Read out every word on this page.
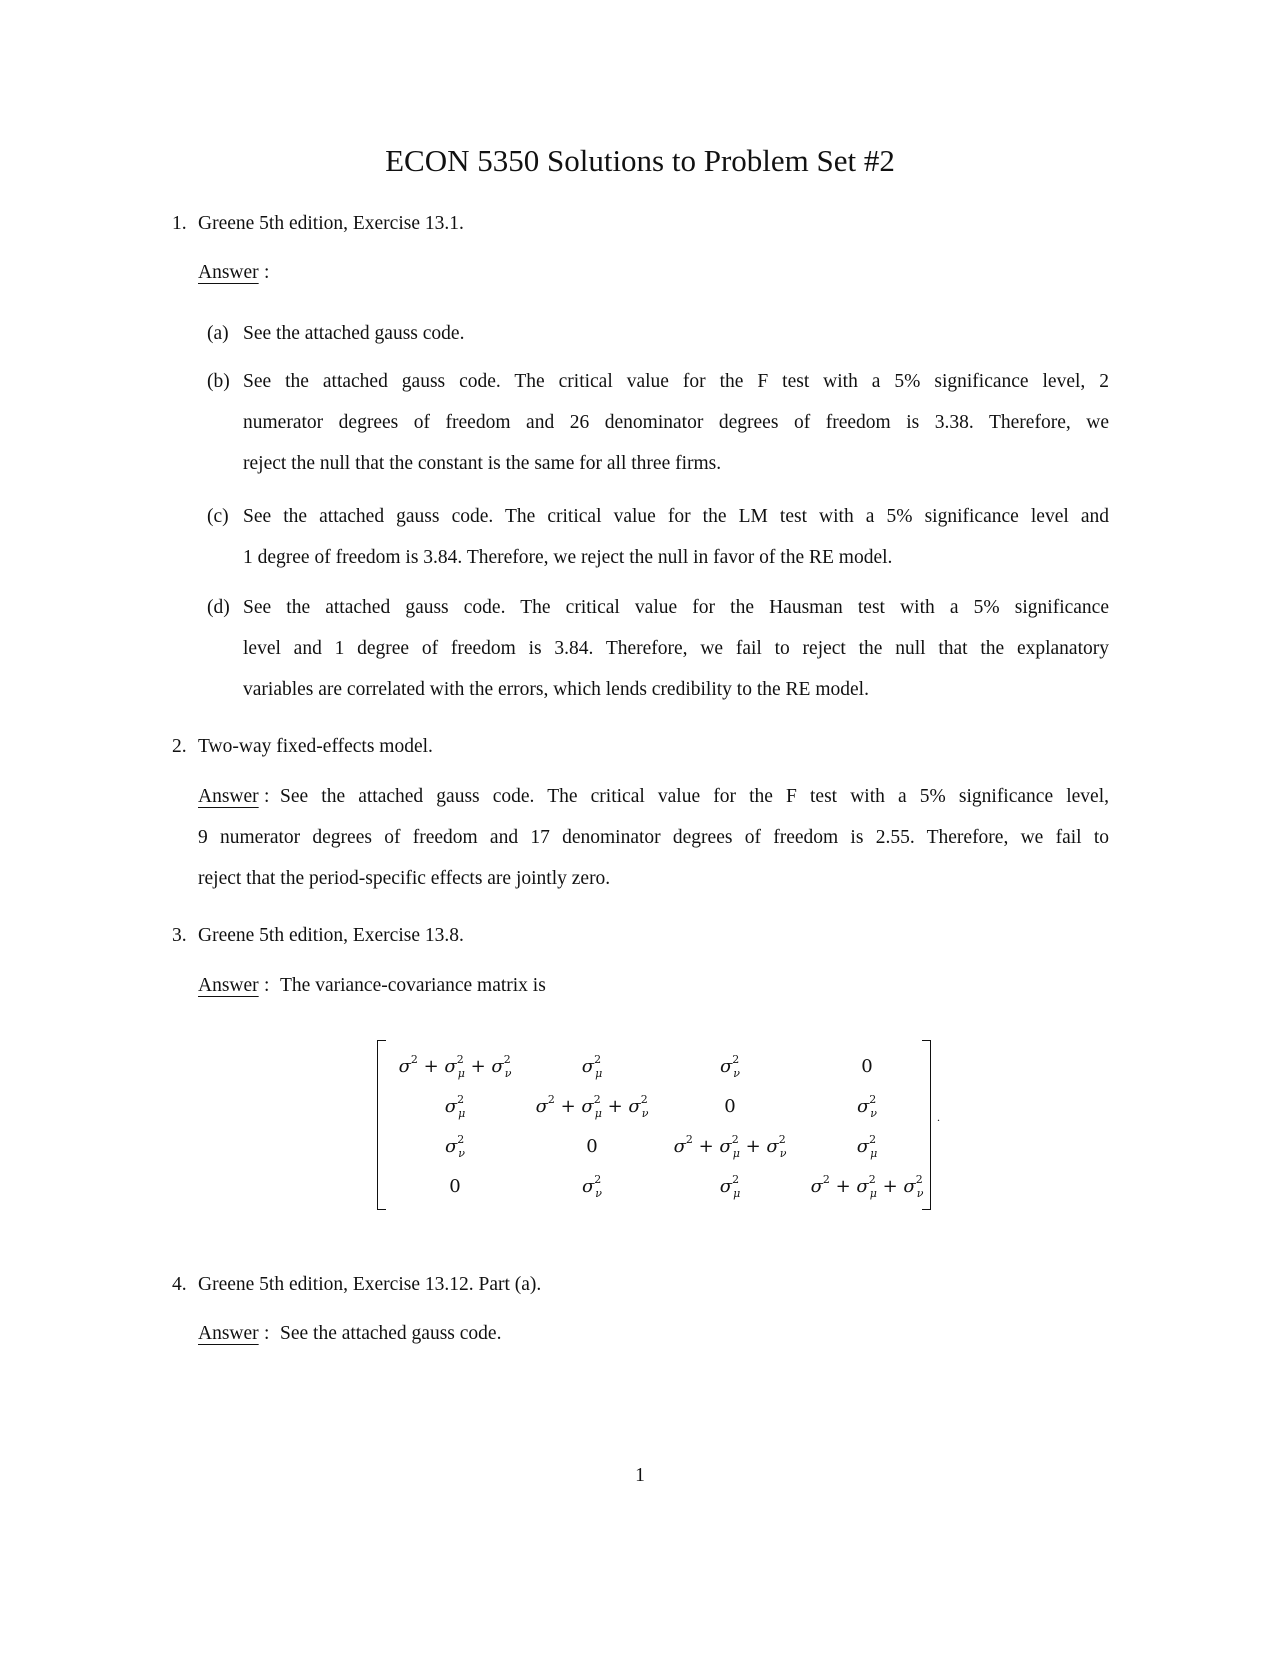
ECON 5350 Solutions to Problem Set #2
1. Greene 5th edition, Exercise 13.1.
Answer :
(a) See the attached gauss code.
(b) See the attached gauss code. The critical value for the F test with a 5% significance level, 2
numerator degrees of freedom and 26 denominator degrees of freedom is 3.38. Therefore, we
reject the null that the constant is the same for all three firms.
(c) See the attached gauss code. The critical value for the LM test with a 5% significance level and
1 degree of freedom is 3.84. Therefore, we reject the null in favor of the RE model.
(d) See the attached gauss code. The critical value for the Hausman test with a 5% significance
level and 1 degree of freedom is 3.84. Therefore, we fail to reject the null that the explanatory
variables are correlated with the errors, which lends credibility to the RE model.
2. Two-way fixed-effects model.
Answer : See the attached gauss code. The critical value for the F test with a 5% significance level,
9 numerator degrees of freedom and 17 denominator degrees of freedom is 2.55. Therefore, we fail to
reject that the period-specific effects are jointly zero.
3. Greene 5th edition, Exercise 13.8.
Answer : The variance-covariance matrix is
$\sigma^2 + \sigma^2_\mu + \sigma^2_\nu$	$\sigma^2_\mu$	$\sigma^2_\nu$	0
$\sigma^2_\mu$	$\sigma^2 + \sigma^2_\mu + \sigma^2_\nu$	0	$\sigma^2_\nu$
$\sigma^2_\nu$	0	$\sigma^2 + \sigma^2_\mu + \sigma^2_\nu$	$\sigma^2_\mu$
0	$\sigma^2_\nu$	$\sigma^2_\mu$	$\sigma^2 + \sigma^2_\mu + \sigma^2_\nu$
.
4. Greene 5th edition, Exercise 13.12. Part (a).
Answer : See the attached gauss code.
1
